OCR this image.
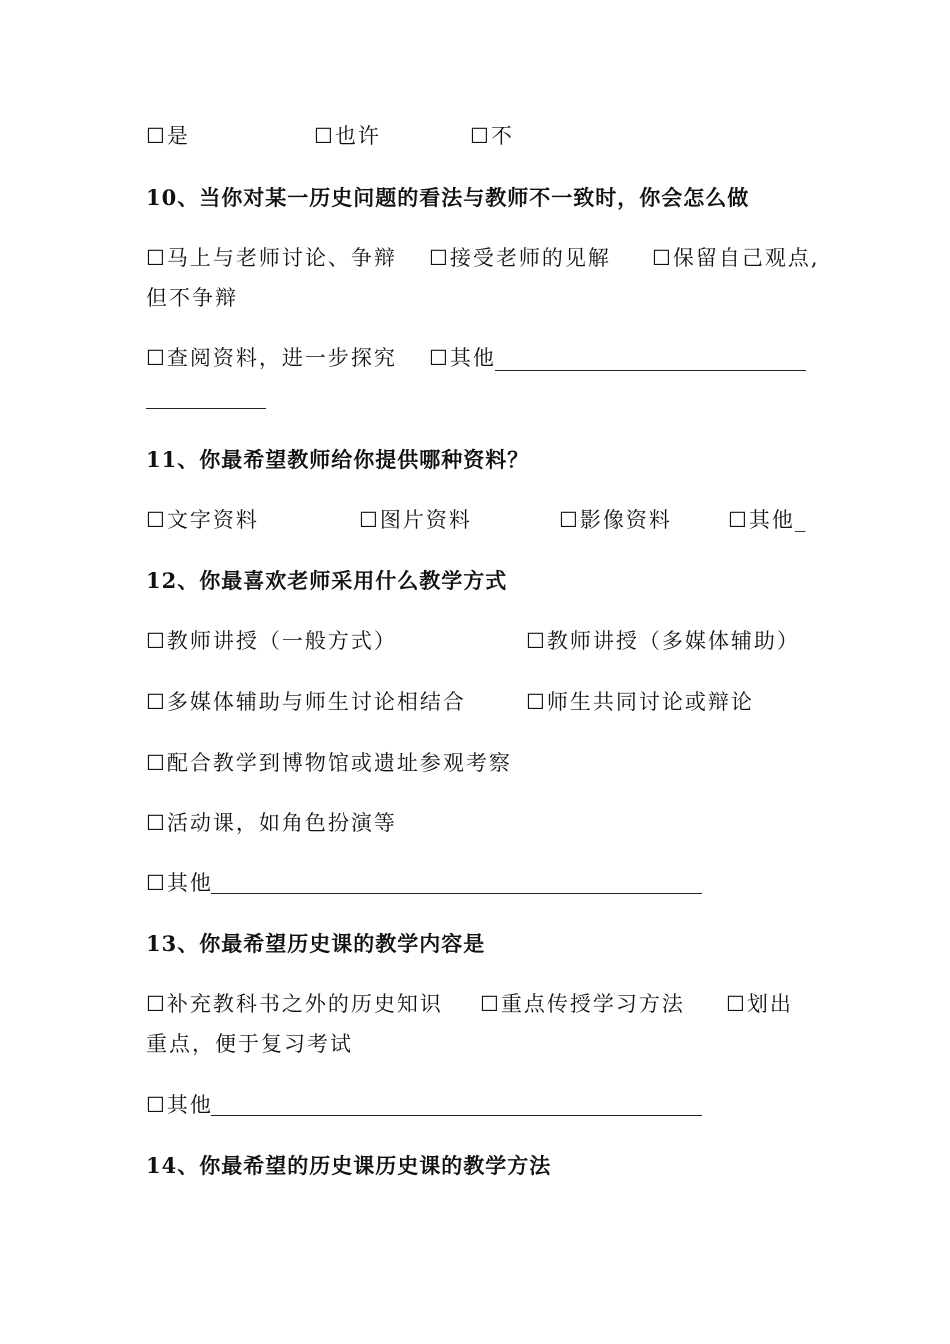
☐是	☐也许	☐不
10、当你对某一历史问题的看法与教师不一致时，你会怎么做
☐马上与老师讨论、争辩 ☐接受老师的见解 ☐保留自己观点,
但不争辩
☐查阅资料，进一步探究 ☐其他
11、你最希望教师给你提供哪种资料？
☐文字资料	☐图片资料	☐影像资料	☐其他_
12、你最喜欢老师采用什么教学方式
☐教师讲授（一般方式）	☐教师讲授（多媒体辅助）
☐多媒体辅助与师生讨论相结合	☐师生共同讨论或辩论
☐配合教学到博物馆或遗址参观考察
☐活动课，如角色扮演等
☐其他
13、你最希望历史课的教学内容是
☐补充教科书之外的历史知识 ☐重点传授学习方法 ☐划出
重点，便于复习考试
☐其他
14、你最希望的历史课历史课的教学方法
